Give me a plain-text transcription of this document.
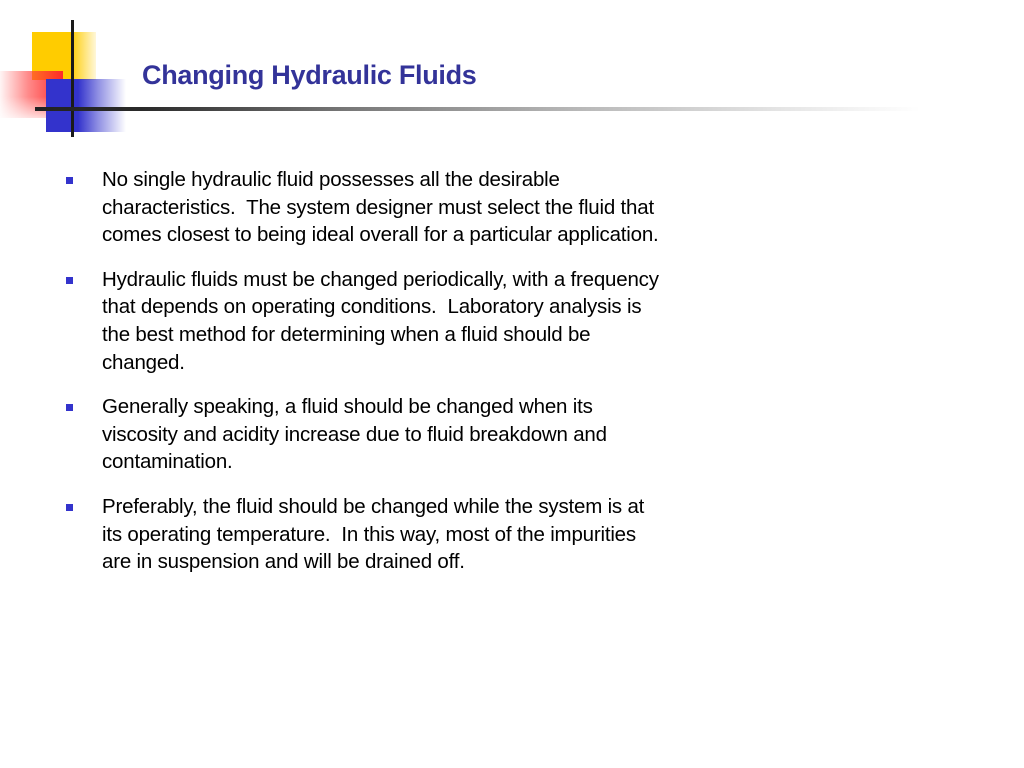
Changing Hydraulic Fluids
No single hydraulic fluid possesses all the desirable characteristics.  The system designer must select the fluid that comes closest to being ideal overall for a particular application.
Hydraulic fluids must be changed periodically, with a frequency that depends on operating conditions.  Laboratory analysis is the best method for determining when a fluid should be changed.
Generally speaking, a fluid should be changed when its viscosity and acidity increase due to fluid breakdown and contamination.
Preferably, the fluid should be changed while the system is at its operating temperature.  In this way, most of the impurities are in suspension and will be drained off.
